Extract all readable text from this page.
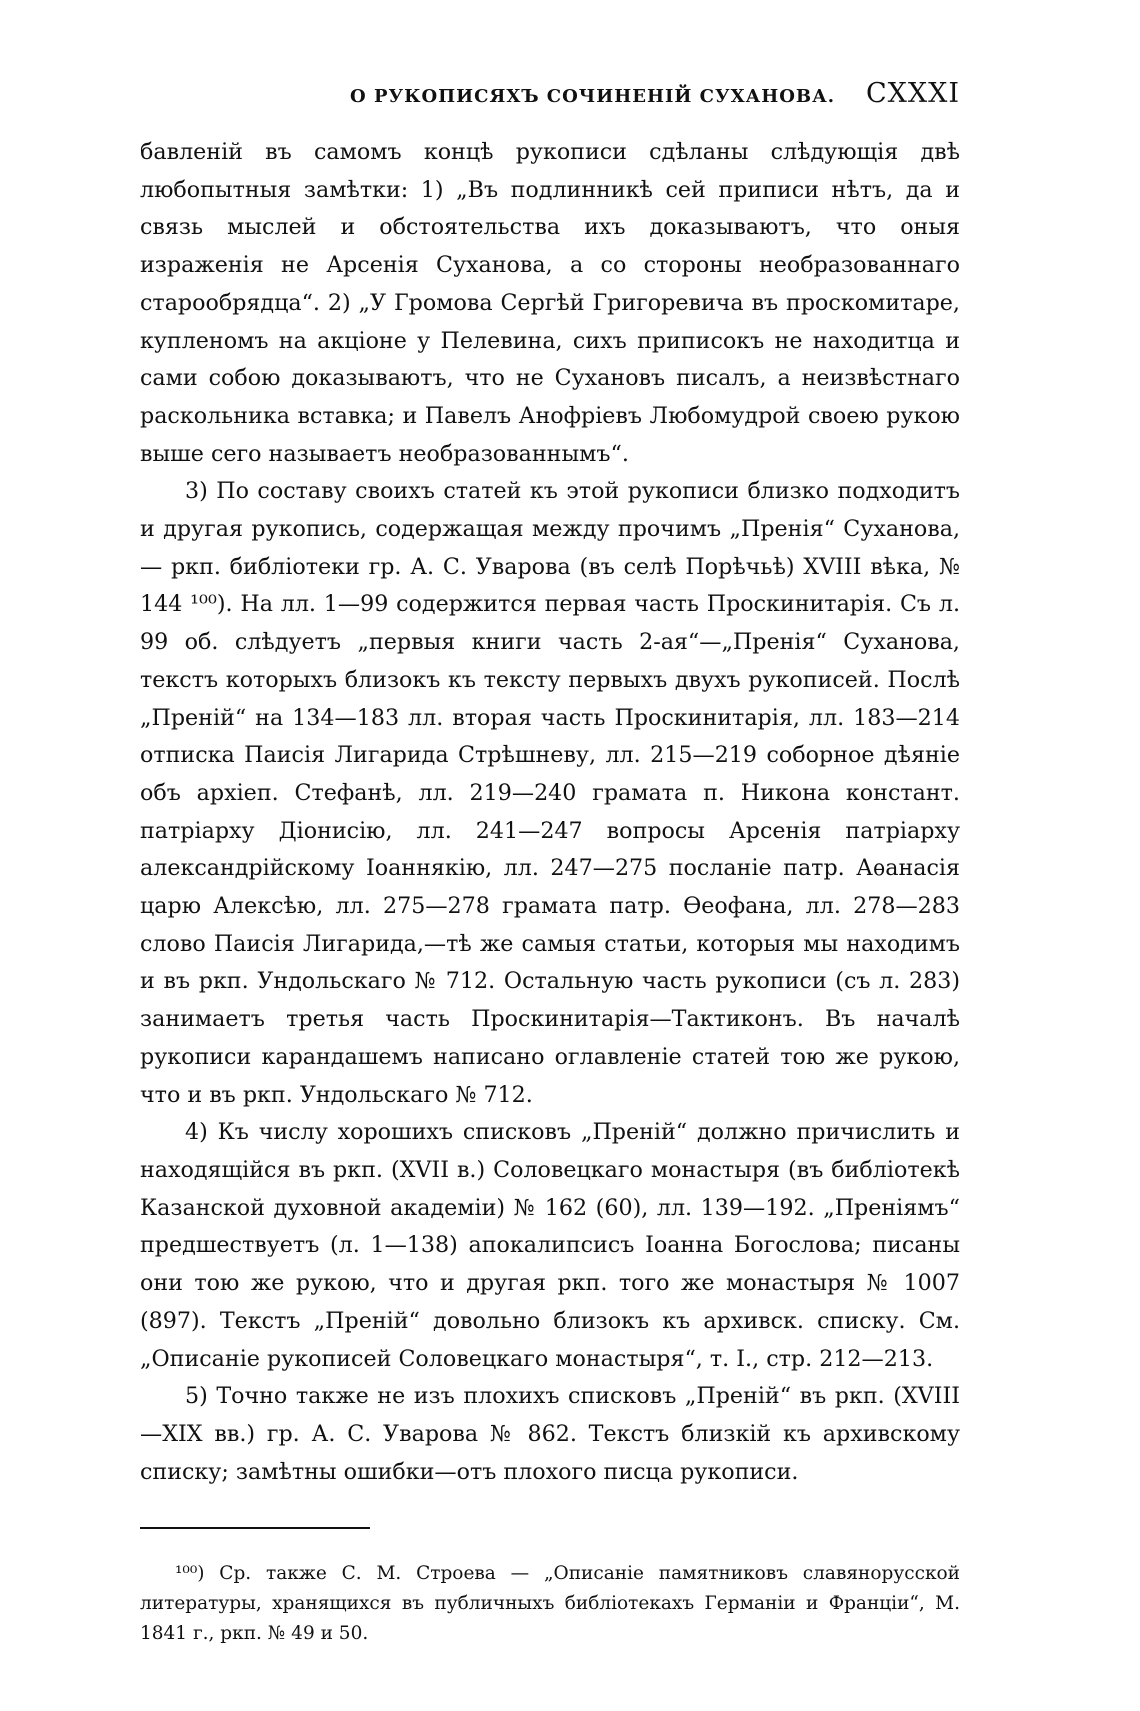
О РУКОПИСЯХЪ СОЧИНЕНІЙ СУХАНОВА. CXXXI

бавленій въ самомъ концѣ рукописи сдѣланы слѣдующія двѣ любопытныя замѣтки: 1) „Въ подлинникѣ сей приписи нѣтъ, да и связь мыслей и обстоятельства ихъ доказываютъ, что оныя израженія не Арсенія Суханова, а со стороны необразованнаго старообрядца“. 2) „У Громова Сергѣй Григоревича въ проскомитаре, купленомъ на акціоне у Пелевина, сихъ приписокъ не находитца и сами собою доказываютъ, что не Сухановъ писалъ, а неизвѣстнаго раскольника вставка; и Павелъ Анофріевъ Любомудрой своею рукою выше сего называетъ необразованнымъ“.

3) По составу своихъ статей къ этой рукописи близко подходитъ и другая рукопись, содержащая между прочимъ „Пренія“ Суханова,— ркп. библіотеки гр. А. С. Уварова (въ селѣ Порѣчьѣ) XVIII вѣка, № 144 ¹⁰⁰). На лл. 1—99 содержится первая часть Проскинитарія. Съ л. 99 об. слѣдуетъ „первыя книги часть 2-ая“—„Пренія“ Суханова, текстъ которыхъ близокъ къ тексту первыхъ двухъ рукописей. Послѣ „Преній“ на 134—183 лл. вторая часть Проскинитарія, лл. 183—214 отписка Паисія Лигарида Стрѣшневу, лл. 215—219 соборное дѣяніе объ архіеп. Стефанѣ, лл. 219—240 грамата п. Никона констант. патріарху Діонисію, лл. 241—247 вопросы Арсенія патріарху александрійскому Іоаннякію, лл. 247—275 посланіе патр. Аѳанасія царю Алексѣю, лл. 275—278 грамата патр. Ѳеофана, лл. 278—283 слово Паисія Лигарида,—тѣ же самыя статьи, которыя мы находимъ и въ ркп. Ундольскаго № 712. Остальную часть рукописи (съ л. 283) занимаетъ третья часть Проскинитарія—Тактиконъ. Въ началѣ рукописи карандашемъ написано оглавленіе статей тою же рукою, что и въ ркп. Ундольскаго № 712.

4) Къ числу хорошихъ списковъ „Преній“ должно причислить и находящійся въ ркп. (XVII в.) Соловецкаго монастыря (въ библіотекѣ Казанской духовной академіи) № 162 (60), лл. 139—192. „Преніямъ“ предшествуетъ (л. 1—138) апокалипсисъ Іоанна Богослова; писаны они тою же рукою, что и другая ркп. того же монастыря № 1007 (897). Текстъ „Преній“ довольно близокъ къ архивск. списку. См. „Описаніе рукописей Соловецкаго монастыря“, т. I., стр. 212—213.

5) Точно также не изъ плохихъ списковъ „Преній“ въ ркп. (XVIII—XIX вв.) гр. А. С. Уварова № 862. Текстъ близкій къ архивскому списку; замѣтны ошибки—отъ плохого писца рукописи.

¹⁰⁰) Ср. также С. М. Строева — „Описаніе памятниковъ славянорусской литературы, хранящихся въ публичныхъ библіотекахъ Германіи и Франціи“, М. 1841 г., ркп. № 49 и 50.
